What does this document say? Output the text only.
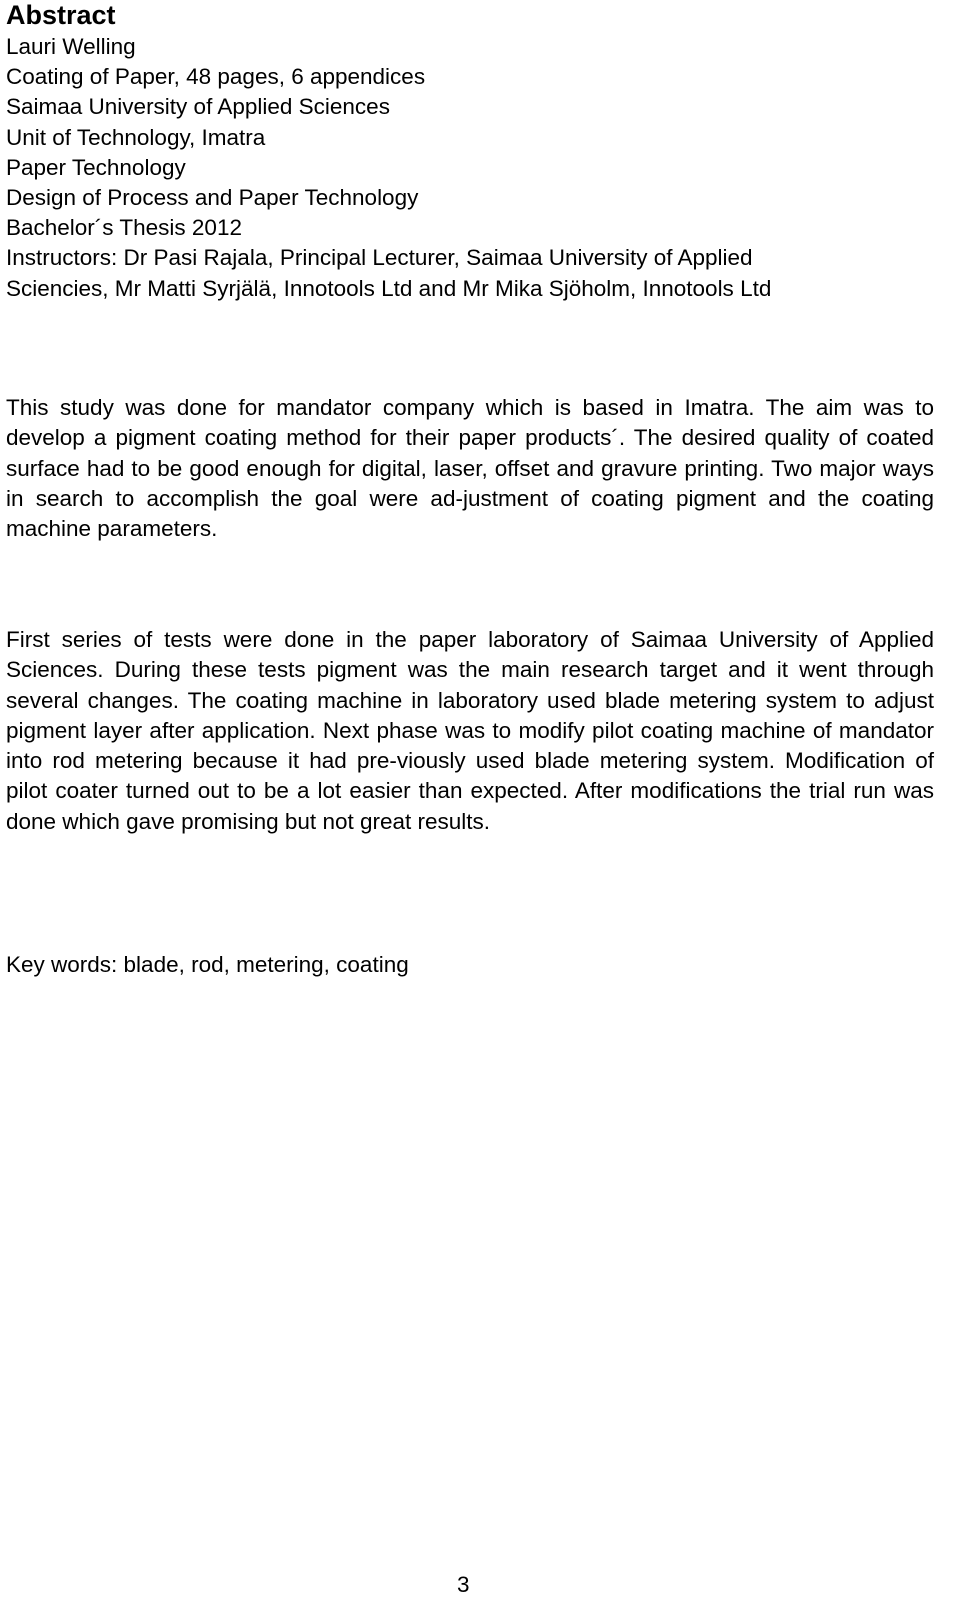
Abstract
Lauri Welling
Coating of Paper, 48 pages, 6 appendices
Saimaa University of Applied Sciences
Unit of Technology, Imatra
Paper Technology
Design of Process and Paper Technology
Bachelor´s Thesis 2012
Instructors: Dr Pasi Rajala, Principal Lecturer, Saimaa University of Applied
Sciencies, Mr Matti Syrjälä, Innotools Ltd and Mr Mika Sjöholm, Innotools Ltd

This study was done for mandator company which is based in Imatra. The aim was to develop a pigment coating method for their paper products´. The desired quality of coated surface had to be good enough for digital, laser, offset and gravure printing. Two major ways in search to accomplish the goal were ad-justment of coating pigment and the coating machine parameters.

First series of tests were done in the paper laboratory of Saimaa University of Applied Sciences. During these tests pigment was the main research target and it went through several changes. The coating machine in laboratory used blade metering system to adjust pigment layer after application. Next phase was to modify pilot coating machine of mandator into rod metering because it had pre-viously used blade metering system. Modification of pilot coater turned out to be a lot easier than expected. After modifications the trial run was done which gave promising but not great results.

Key words: blade, rod, metering, coating
3
